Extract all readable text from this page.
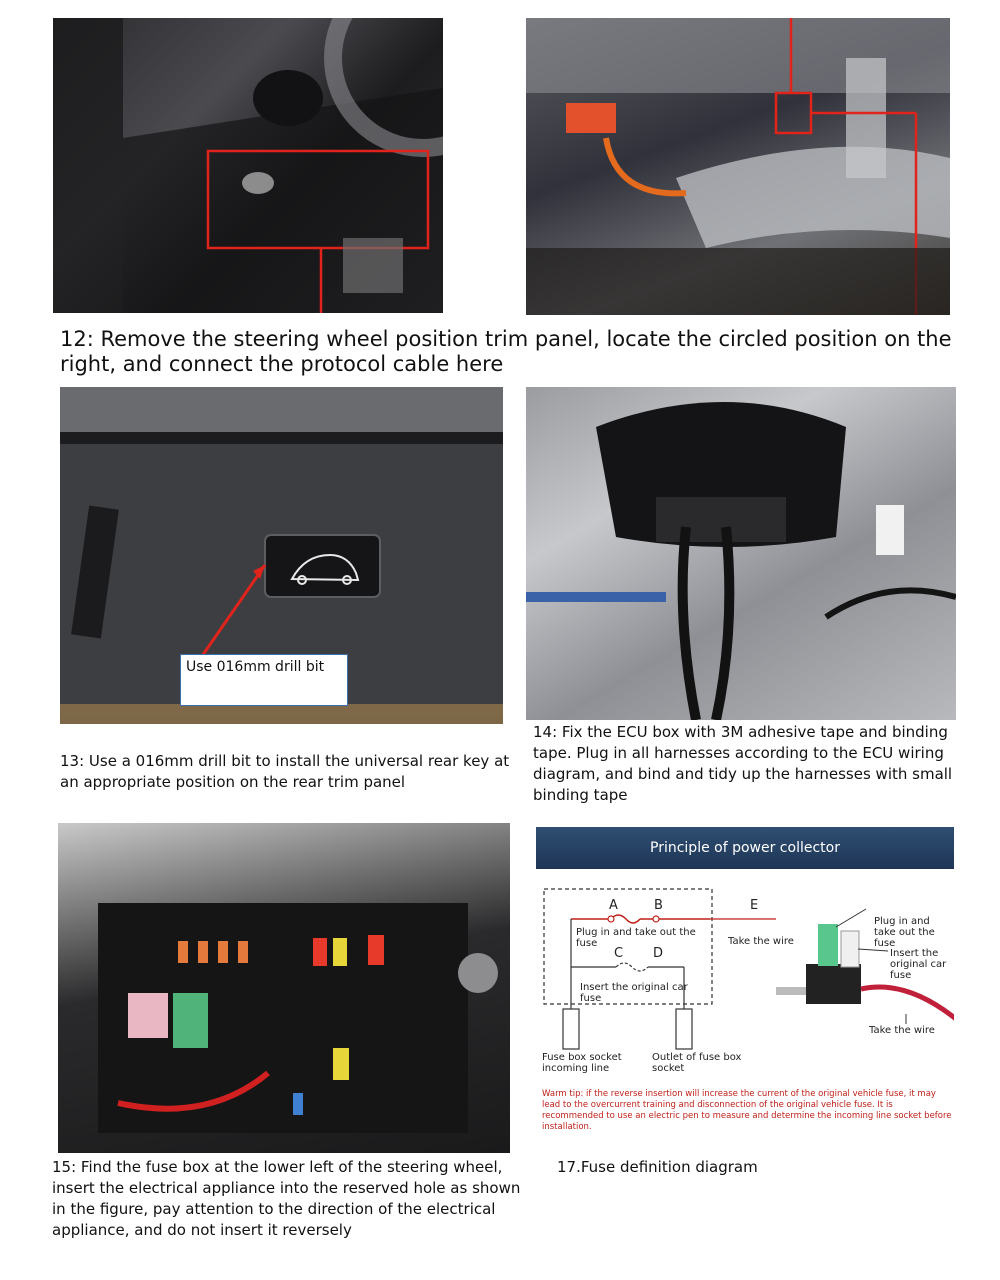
12: Remove the steering wheel position trim panel, locate the circled position on the right, and connect the protocol cable here
Use 016mm drill bit
13: Use a 016mm drill bit to install the universal rear key at an appropriate position on the rear trim panel
14: Fix the ECU box with 3M adhesive tape and binding tape. Plug in all harnesses according to the ECU wiring diagram, and bind and tidy up the harnesses with small binding tape
15: Find the fuse box at the lower left of the steering wheel, insert the electrical appliance into the reserved hole as shown in the figure, pay attention to the direction of the electrical appliance, and do not insert it reversely
Principle of power collector
A	B
C D
E
Plug in and take out the fuse
Insert the original car fuse
Take the wire
Plug in and take out the fuse
Insert the original car fuse
Take the wire
Fuse box socket incoming line
Outlet of fuse box socket
Warm tip: if the reverse insertion will increase the current of the original vehicle fuse, it may lead to the overcurrent training and disconnection of the original vehicle fuse. It is recommended to use an electric pen to measure and determine the incoming line socket before installation.
17.Fuse definition diagram
